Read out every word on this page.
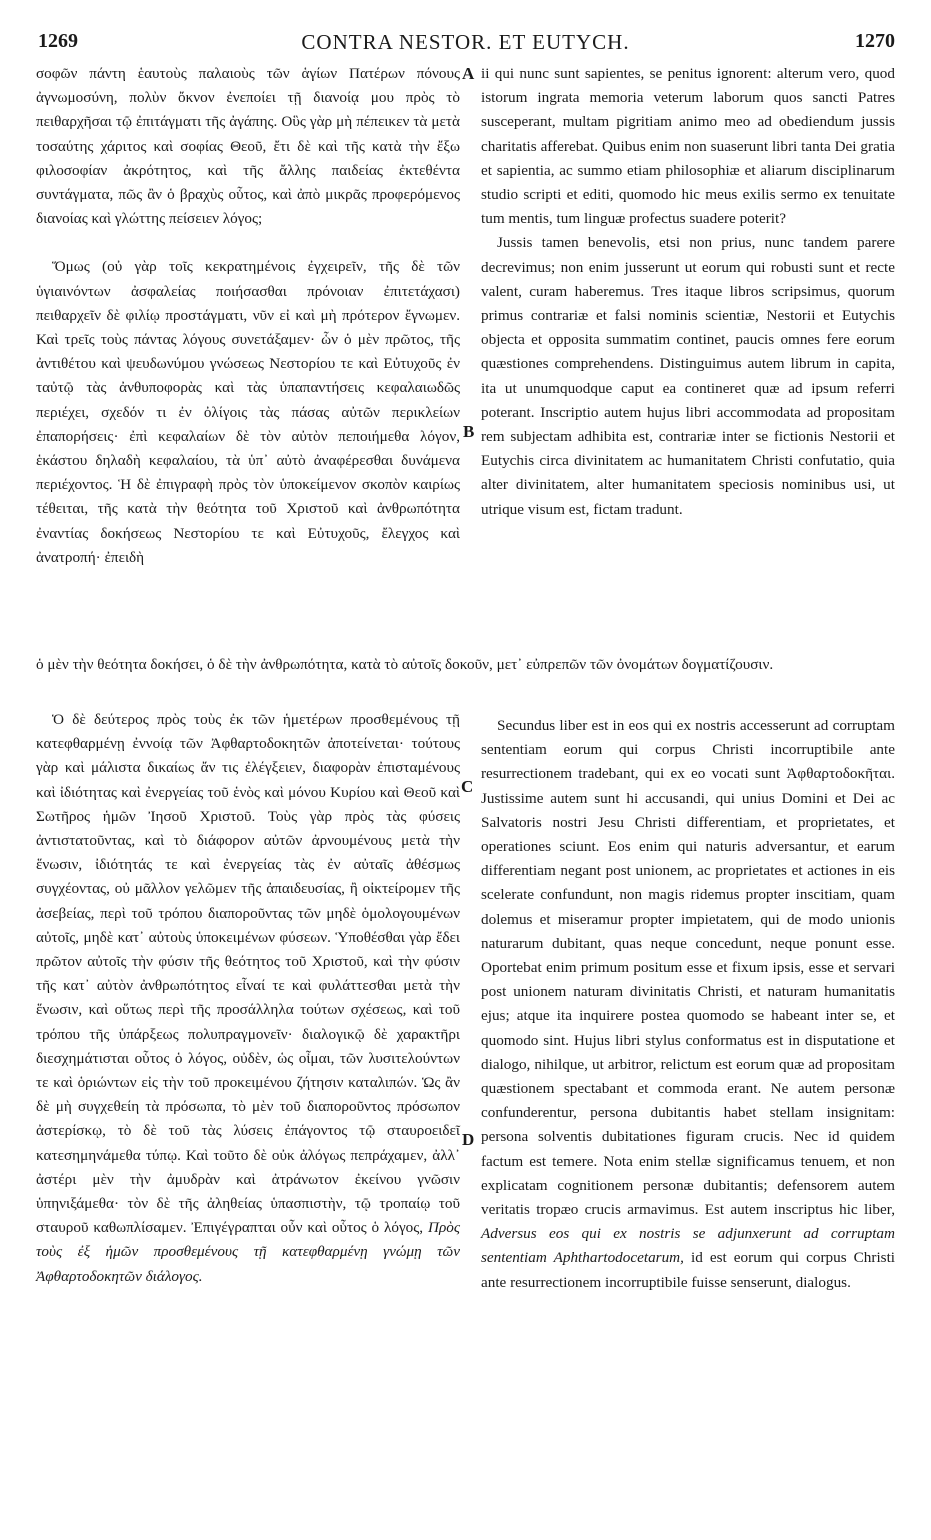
1269	CONTRA NESTOR. ET EUTYCH.	1270
A
B
C
D

σοφῶν πάντη ἑαυτοὺς παλαιοὺς τῶν ἁγίων Πατέρων πόνους ἀγνωμοσύνη, πολὺν ὄκνον ἐνεποίει τῇ διανοίᾳ μου πρὸς τὸ πειθαρχῆσαι τῷ ἐπιτάγματι τῆς ἀγάπης. Οὓς γὰρ μὴ πέπεικεν τὰ μετὰ τοσαύτης χάριτος καὶ σοφίας Θεοῦ, ἔτι δὲ καὶ τῆς κατὰ τὴν ἔξω φιλοσοφίαν ἀκρότητος, καὶ τῆς ἄλλης παιδείας ἐκτεθέντα συντάγματα, πῶς ἂν ὁ βραχὺς οὗτος, καὶ ἀπὸ μικρᾶς προφερόμενος διανοίας καὶ γλώττης πείσειεν λόγος;

Ὅμως (οὐ γὰρ τοῖς κεκρατημένοις ἐγχειρεῖν, τῆς δὲ τῶν ὑγιαινόντων ἀσφαλείας ποιήσασθαι πρόνοιαν ἐπιτετάχασι) πειθαρχεῖν δὲ φιλίῳ προστάγματι, νῦν εἰ καὶ μὴ πρότερον ἔγνωμεν. Καὶ τρεῖς τοὺς πάντας λόγους συνετάξαμεν· ὧν ὁ μὲν πρῶτος, τῆς ἀντιθέτου καὶ ψευδωνύμου γνώσεως Νεστορίου τε καὶ Εὐτυχοῦς ἐν ταὐτῷ τὰς ἀνθυποφορὰς καὶ τὰς ὑπαπαντήσεις κεφαλαιωδῶς περιέχει, σχεδόν τι ἐν ὀλίγοις τὰς πάσας αὐτῶν περικλείων ἐπαπορήσεις· ἐπὶ κεφαλαίων δὲ τὸν αὐτὸν πεποιήμεθα λόγον, ἑκάστου δηλαδὴ κεφαλαίου, τὰ ὑπ᾽ αὐτὸ ἀναφέρεσθαι δυνάμενα περιέχοντος. Ἡ δὲ ἐπιγραφὴ πρὸς τὸν ὑποκείμενον σκοπὸν καιρίως τέθειται, τῆς κατὰ τὴν θεότητα τοῦ Χριστοῦ καὶ ἀνθρωπότητα ἐναντίας δοκήσεως Νεστορίου τε καὶ Εὐτυχοῦς, ἔλεγχος καὶ ἀνατροπή· ἐπειδὴ

ii qui nunc sunt sapientes, se penitus ignorent: alterum vero, quod istorum ingrata memoria veterum laborum quos sancti Patres susceperant, multam pigritiam animo meo ad obediendum jussis charitatis afferebat. Quibus enim non suaserunt libri tanta Dei gratia et sapientia, ac summo etiam philosophiæ et aliarum disciplinarum studio scripti et editi, quomodo hic meus exilis sermo ex tenuitate tum mentis, tum linguæ profectus suadere poterit?

Jussis tamen benevolis, etsi non prius, nunc tandem parere decrevimus; non enim jusserunt ut eorum qui robusti sunt et recte valent, curam haberemus. Tres itaque libros scripsimus, quorum primus contrariæ et falsi nominis scientiæ, Nestorii et Eutychis objecta et opposita summatim continet, paucis omnes fere eorum quæstiones comprehendens. Distinguimus autem librum in capita, ita ut unumquodque caput ea contineret quæ ad ipsum referri poterant. Inscriptio autem hujus libri accommodata ad propositam rem subjectam adhibita est, contrariæ inter se fictionis Nestorii et Eutychis circa divinitatem ac humanitatem Christi confutatio, quia alter divinitatem, alter humanitatem speciosis nominibus usi, ut utrique visum est, fictam tradunt.

ὁ μὲν τὴν θεότητα δοκήσει, ὁ δὲ τὴν ἀνθρωπότητα, κατὰ τὸ αὐτοῖς δοκοῦν, μετ᾽ εὐπρεπῶν τῶν ὀνομάτων δογματίζουσιν.

Ὁ δὲ δεύτερος πρὸς τοὺς ἐκ τῶν ἡμετέρων προσθεμένους τῇ κατεφθαρμένῃ ἐννοίᾳ τῶν Ἀφθαρτοδοκητῶν ἀποτείνεται· τούτους γὰρ καὶ μάλιστα δικαίως ἄν τις ἐλέγξειεν, διαφορὰν ἐπισταμένους καὶ ἰδιότητας καὶ ἐνεργείας τοῦ ἑνὸς καὶ μόνου Κυρίου καὶ Θεοῦ καὶ Σωτῆρος ἡμῶν Ἰησοῦ Χριστοῦ. Τοὺς γὰρ πρὸς τὰς φύσεις ἀντιστατοῦντας, καὶ τὸ διάφορον αὐτῶν ἀρνουμένους μετὰ τὴν ἕνωσιν, ἰδιότητάς τε καὶ ἐνεργείας τὰς ἐν αὐταῖς ἀθέσμως συγχέοντας, οὐ μᾶλλον γελῶμεν τῆς ἀπαιδευσίας, ἢ οἰκτείρομεν τῆς ἀσεβείας, περὶ τοῦ τρόπου διαποροῦντας τῶν μηδὲ ὁμολογουμένων αὐτοῖς, μηδὲ κατ᾽ αὐτοὺς ὑποκειμένων φύσεων. Ὑποθέσθαι γὰρ ἔδει πρῶτον αὐτοῖς τὴν φύσιν τῆς θεότητος τοῦ Χριστοῦ, καὶ τὴν φύσιν τῆς κατ᾽ αὐτὸν ἀνθρωπότητος εἶναί τε καὶ φυλάττεσθαι μετὰ τὴν ἕνωσιν, καὶ οὕτως περὶ τῆς προσάλληλα τούτων σχέσεως, καὶ τοῦ τρόπου τῆς ὑπάρξεως πολυπραγμονεῖν· διαλογικῷ δὲ χαρακτῆρι διεσχημάτισται οὗτος ὁ λόγος, οὐδὲν, ὡς οἶμαι, τῶν λυσιτελούντων τε καὶ ὁριώντων εἰς τὴν τοῦ προκειμένου ζήτησιν καταλιπών. Ὡς ἂν δὲ μὴ συγχεθείη τὰ πρόσωπα, τὸ μὲν τοῦ διαποροῦντος πρόσωπον ἀστερίσκῳ, τὸ δὲ τοῦ τὰς λύσεις ἐπάγοντος τῷ σταυροειδεῖ κατεσημηνάμεθα τύπῳ. Καὶ τοῦτο δὲ οὐκ ἀλόγως πεπράχαμεν, ἀλλ᾽ ἀστέρι μὲν τὴν ἀμυδρὰν καὶ ἀτράνωτον ἐκείνου γνῶσιν ὑπηνιξάμεθα· τὸν δὲ τῆς ἀληθείας ὑπασπιστὴν, τῷ τροπαίῳ τοῦ σταυροῦ καθωπλίσαμεν. Ἐπιγέγραπται οὖν καὶ οὗτος ὁ λόγος, Πρὸς τοὺς ἐξ ἡμῶν προσθεμένους τῇ κατεφθαρμένῃ γνώμῃ τῶν Ἀφθαρτοδοκητῶν διάλογος.

Secundus liber est in eos qui ex nostris accesserunt ad corruptam sententiam eorum qui corpus Christi incorruptibile ante resurrectionem tradebant, qui ex eo vocati sunt Ἀφθαρτοδοκῆται. Justissime autem sunt hi accusandi, qui unius Domini et Dei ac Salvatoris nostri Jesu Christi differentiam, et proprietates, et operationes sciunt. Eos enim qui naturis adversantur, et earum differentiam negant post unionem, ac proprietates et actiones in eis scelerate confundunt, non magis ridemus propter inscitiam, quam dolemus et miseramur propter impietatem, qui de modo unionis naturarum dubitant, quas neque concedunt, neque ponunt esse. Oportebat enim primum positum esse et fixum ipsis, esse et servari post unionem naturam divinitatis Christi, et naturam humanitatis ejus; atque ita inquirere postea quomodo se habeant inter se, et quomodo sint. Hujus libri stylus conformatus est in disputatione et dialogo, nihilque, ut arbitror, relictum est eorum quæ ad propositam quæstionem spectabant et commoda erant. Ne autem personæ confunderentur, persona dubitantis habet stellam insignitam: persona solventis dubitationes figuram crucis. Nec id quidem factum est temere. Nota enim stellæ significamus tenuem, et non explicatam cognitionem personæ dubitantis; defensorem autem veritatis tropæo crucis armavimus. Est autem inscriptus hic liber, Adversus eos qui ex nostris se adjunxerunt ad corruptam sententiam Aphthartodocetarum, id est eorum qui corpus Christi ante resurrectionem incorruptibile fuisse senserunt, dialogus.
